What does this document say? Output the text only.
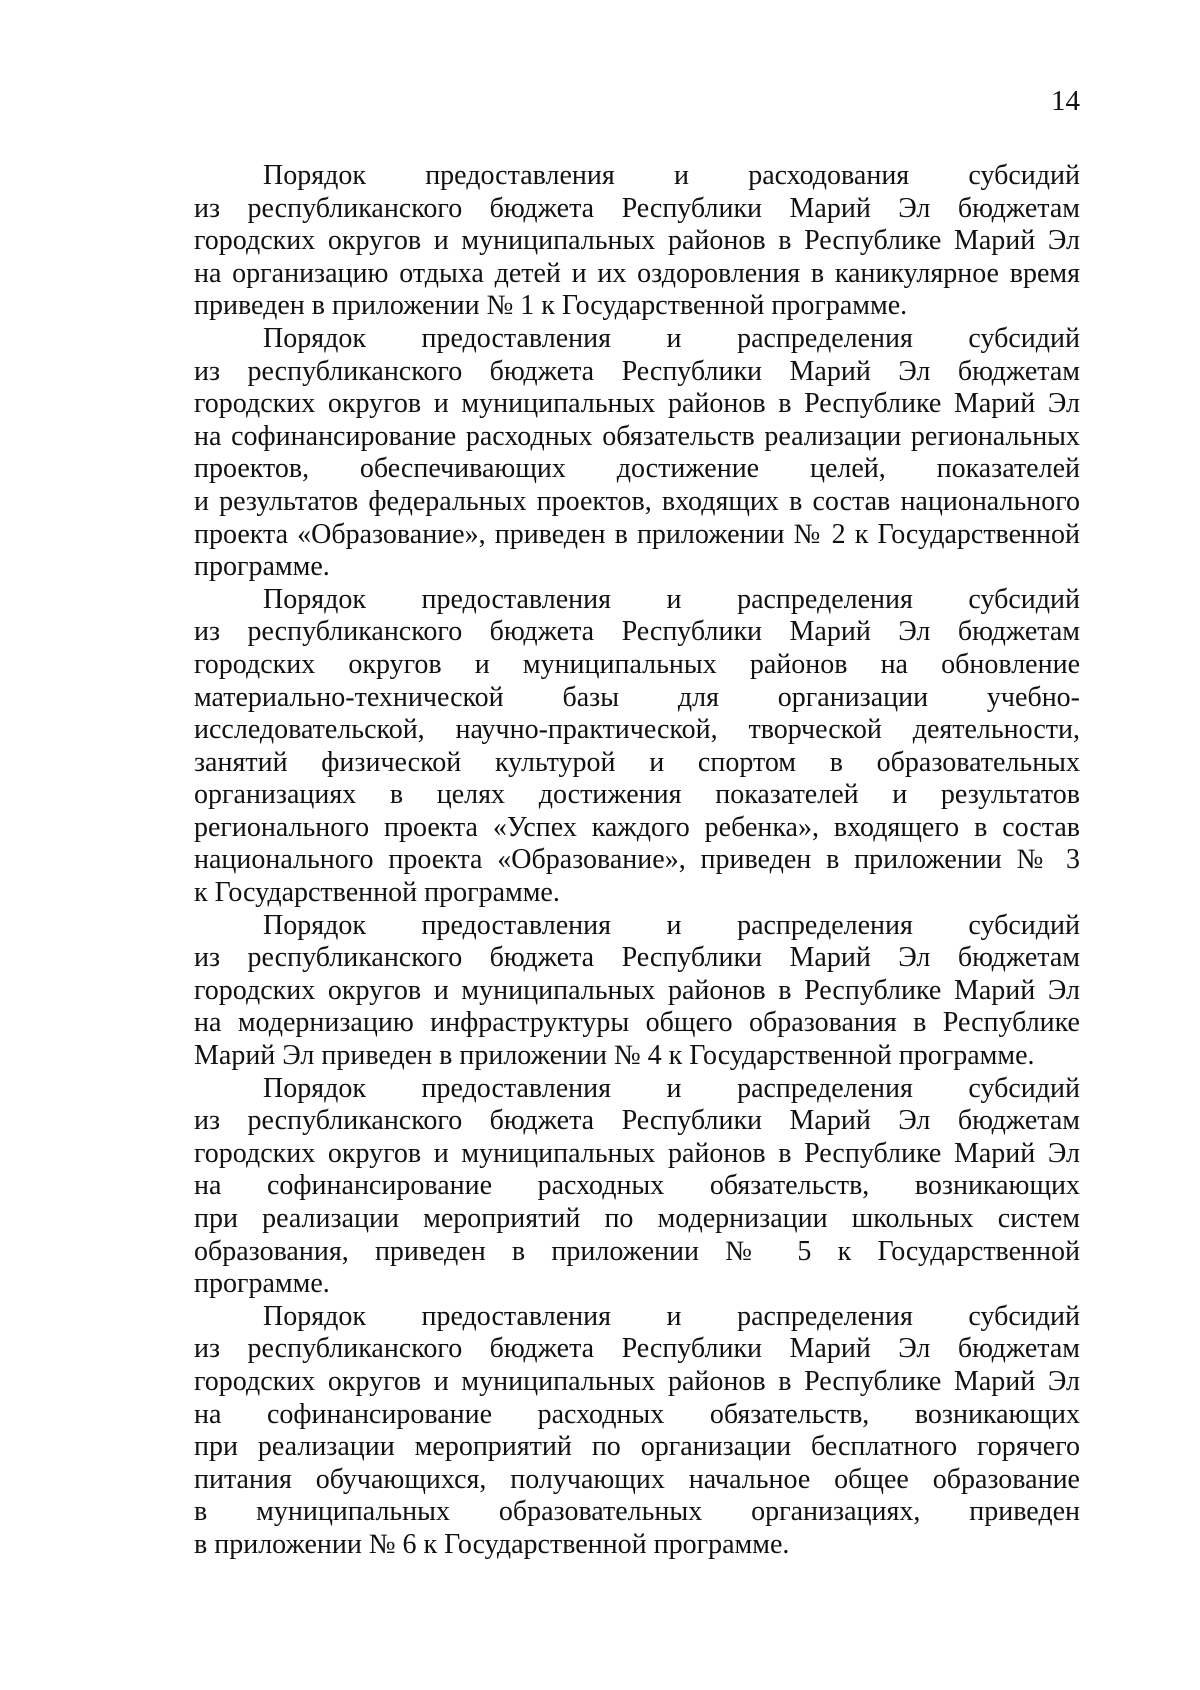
14
Порядок предоставления и расходования субсидий
из республиканского бюджета Республики Марий Эл бюджетам
городских округов и муниципальных районов в Республике Марий Эл
на организацию отдыха детей и их оздоровления в каникулярное время
приведен в приложении № 1 к Государственной программе.
Порядок предоставления и распределения субсидий
из республиканского бюджета Республики Марий Эл бюджетам
городских округов и муниципальных районов в Республике Марий Эл
на софинансирование расходных обязательств реализации региональных
проектов, обеспечивающих достижение целей, показателей
и результатов федеральных проектов, входящих в состав национального
проекта «Образование», приведен в приложении № 2 к Государственной
программе.
Порядок предоставления и распределения субсидий
из республиканского бюджета Республики Марий Эл бюджетам
городских округов и муниципальных районов на обновление
материально-технической базы для организации учебно-
исследовательской, научно-практической, творческой деятельности,
занятий физической культурой и спортом в образовательных
организациях в целях достижения показателей и результатов
регионального проекта «Успех каждого ребенка», входящего в состав
национального проекта «Образование», приведен в приложении № 3
к Государственной программе.
Порядок предоставления и распределения субсидий
из республиканского бюджета Республики Марий Эл бюджетам
городских округов и муниципальных районов в Республике Марий Эл
на модернизацию инфраструктуры общего образования в Республике
Марий Эл приведен в приложении № 4 к Государственной программе.
Порядок предоставления и распределения субсидий
из республиканского бюджета Республики Марий Эл бюджетам
городских округов и муниципальных районов в Республике Марий Эл
на софинансирование расходных обязательств, возникающих
при реализации мероприятий по модернизации школьных систем
образования, приведен в приложении № 5 к Государственной
программе.
Порядок предоставления и распределения субсидий
из республиканского бюджета Республики Марий Эл бюджетам
городских округов и муниципальных районов в Республике Марий Эл
на софинансирование расходных обязательств, возникающих
при реализации мероприятий по организации бесплатного горячего
питания обучающихся, получающих начальное общее образование
в муниципальных образовательных организациях, приведен
в приложении № 6 к Государственной программе.
